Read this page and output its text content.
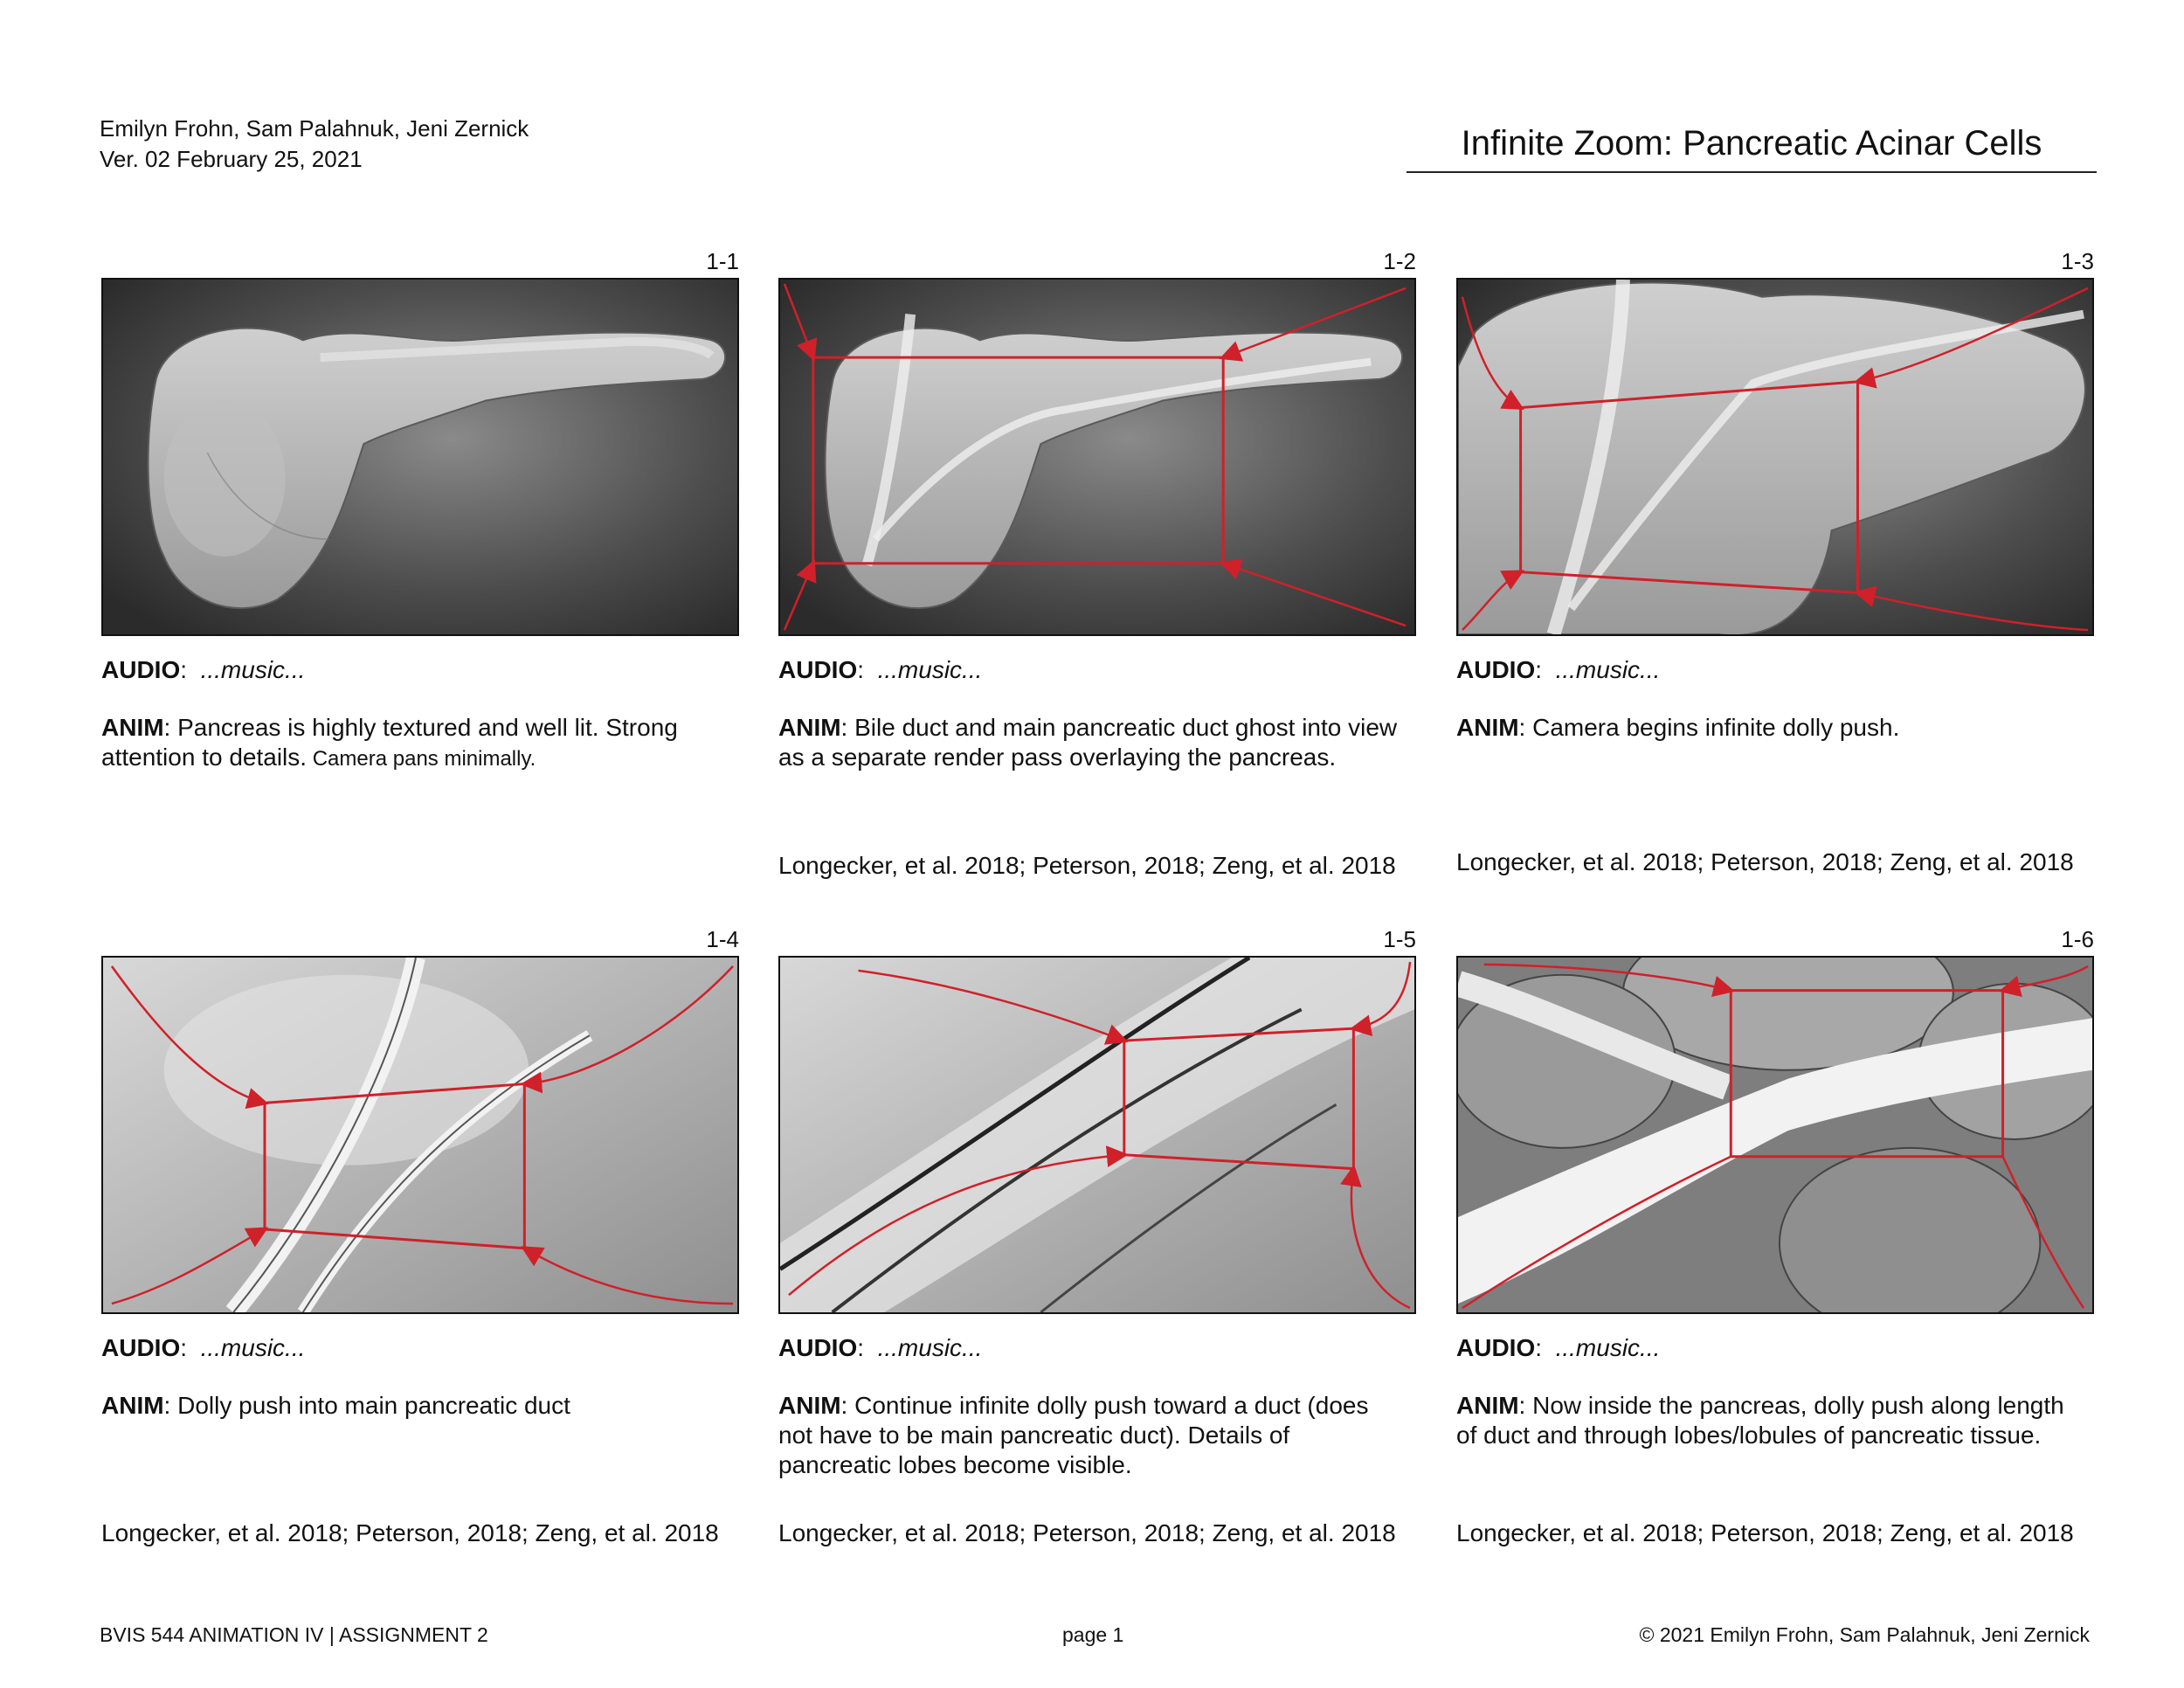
Emilyn Frohn, Sam Palahnuk, Jeni Zernick
Ver. 02 February 25, 2021	Infinite Zoom: Pancreatic Acinar Cells
1-1
AUDIO:  ...music...
ANIM: Pancreas is highly textured and well lit. Strong attention to details. Camera pans minimally.
1-2
AUDIO:  ...music...
ANIM: Bile duct and main pancreatic duct ghost into view as a separate render pass overlaying the pancreas.
Longecker, et al. 2018; Peterson, 2018; Zeng, et al. 2018
1-3
AUDIO:  ...music...
ANIM: Camera begins infinite dolly push.
Longecker, et al. 2018; Peterson, 2018; Zeng, et al. 2018
1-4
AUDIO:  ...music...
ANIM: Dolly push into main pancreatic duct
Longecker, et al. 2018; Peterson, 2018; Zeng, et al. 2018
1-5
AUDIO:  ...music...
ANIM: Continue infinite dolly push toward a duct (does not have to be main pancreatic duct). Details of pancreatic lobes become visible.
Longecker, et al. 2018; Peterson, 2018; Zeng, et al. 2018
1-6
AUDIO:  ...music...
ANIM: Now inside the pancreas, dolly push along length of duct and through lobes/lobules of pancreatic tissue.
Longecker, et al. 2018; Peterson, 2018; Zeng, et al. 2018
BVIS 544 ANIMATION IV | ASSIGNMENT 2	page 1	© 2021 Emilyn Frohn, Sam Palahnuk, Jeni Zernick
